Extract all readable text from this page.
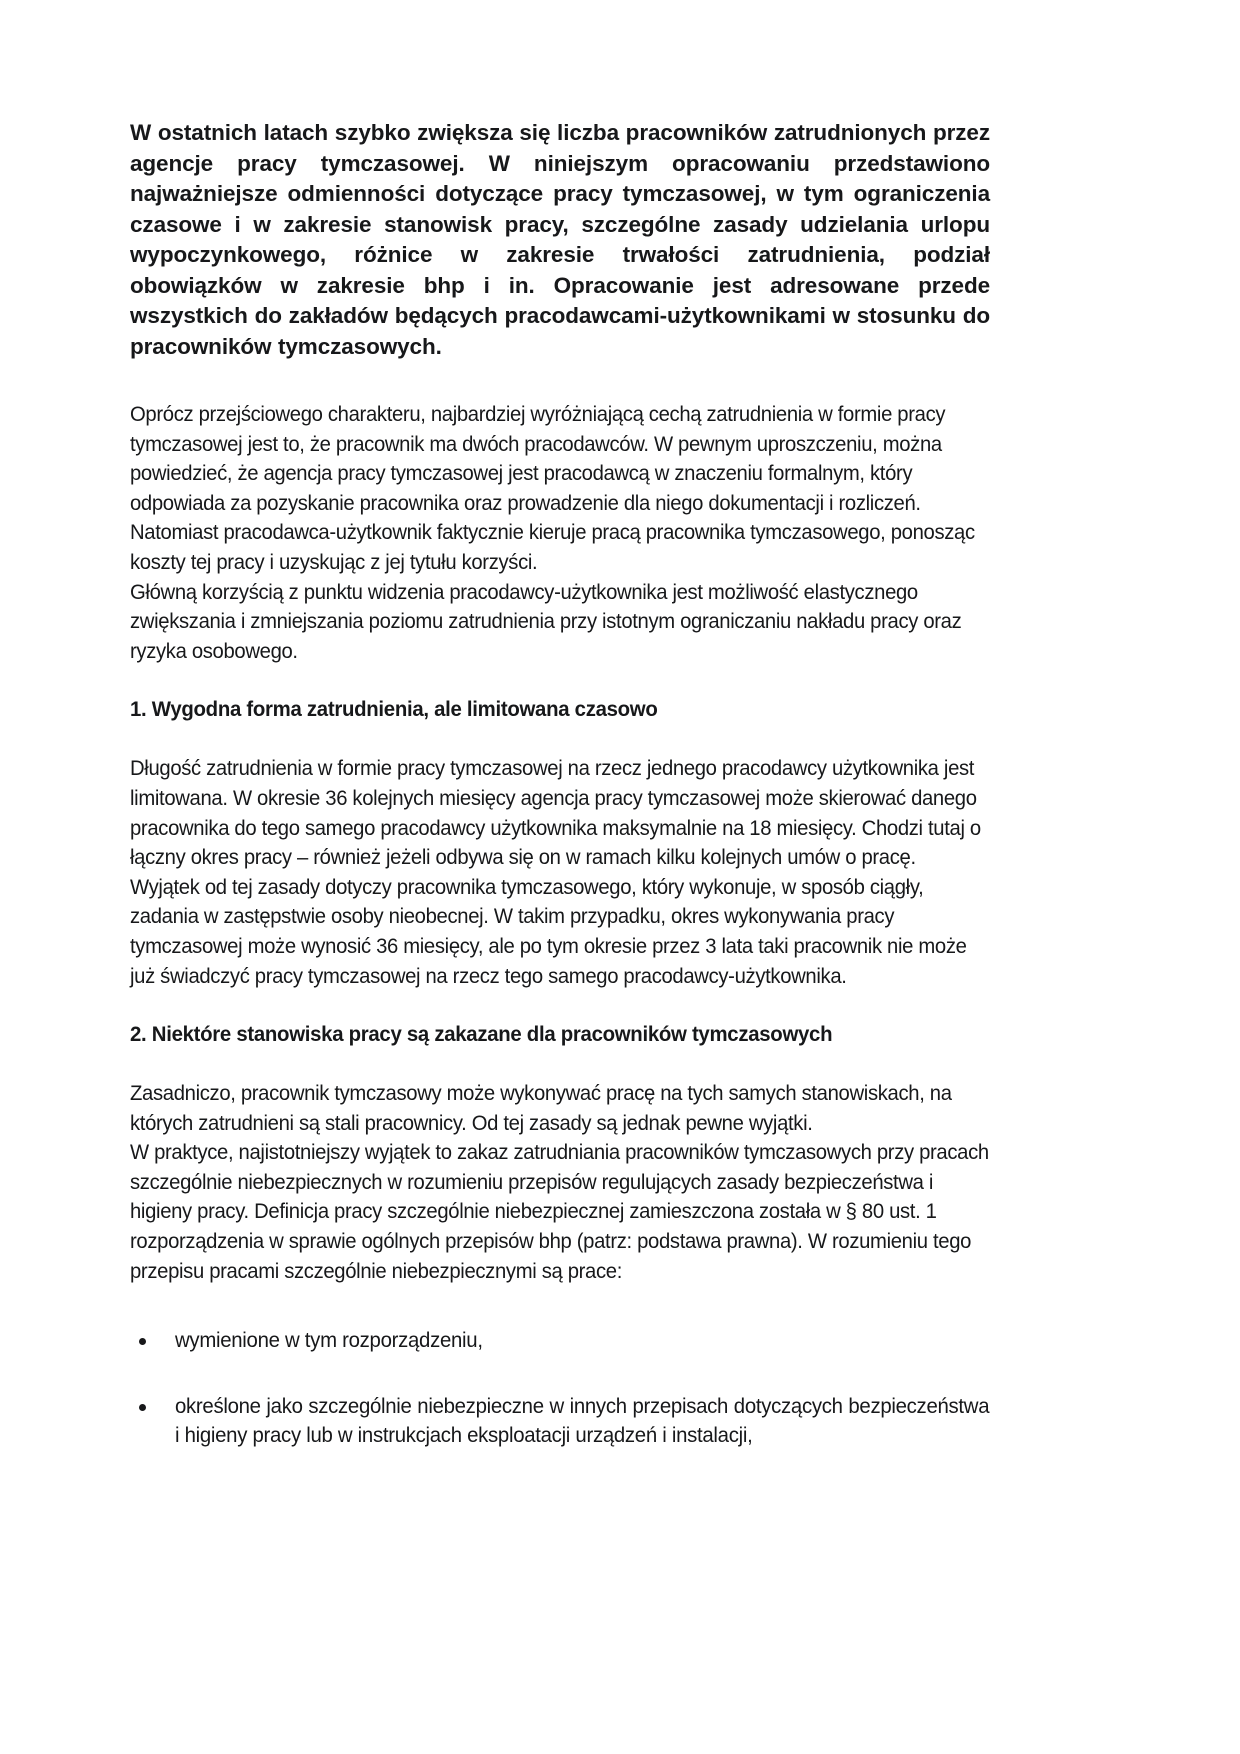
W ostatnich latach szybko zwiększa się liczba pracowników zatrudnionych przez agencje pracy tymczasowej. W niniejszym opracowaniu przedstawiono najważniejsze odmienności dotyczące pracy tymczasowej, w tym ograniczenia czasowe i w zakresie stanowisk pracy, szczególne zasady udzielania urlopu wypoczynkowego, różnice w zakresie trwałości zatrudnienia, podział obowiązków w zakresie bhp i in. Opracowanie jest adresowane przede wszystkich do zakładów będących pracodawcami-użytkownikami w stosunku do pracowników tymczasowych.

Oprócz przejściowego charakteru, najbardziej wyróżniającą cechą zatrudnienia w formie pracy tymczasowej jest to, że pracownik ma dwóch pracodawców. W pewnym uproszczeniu, można powiedzieć, że agencja pracy tymczasowej jest pracodawcą w znaczeniu formalnym, który odpowiada za pozyskanie pracownika oraz prowadzenie dla niego dokumentacji i rozliczeń. Natomiast pracodawca-użytkownik faktycznie kieruje pracą pracownika tymczasowego, ponosząc koszty tej pracy i uzyskując z jej tytułu korzyści.

Główną korzyścią z punktu widzenia pracodawcy-użytkownika jest możliwość elastycznego zwiększania i zmniejszania poziomu zatrudnienia przy istotnym ograniczaniu nakładu pracy oraz ryzyka osobowego.

1. Wygodna forma zatrudnienia, ale limitowana czasowo

Długość zatrudnienia w formie pracy tymczasowej na rzecz jednego pracodawcy użytkownika jest limitowana. W okresie 36 kolejnych miesięcy agencja pracy tymczasowej może skierować danego pracownika do tego samego pracodawcy użytkownika maksymalnie na 18 miesięcy. Chodzi tutaj o łączny okres pracy – również jeżeli odbywa się on w ramach kilku kolejnych umów o pracę.

Wyjątek od tej zasady dotyczy pracownika tymczasowego, który wykonuje, w sposób ciągły, zadania w zastępstwie osoby nieobecnej. W takim przypadku, okres wykonywania pracy tymczasowej może wynosić 36 miesięcy, ale po tym okresie przez 3 lata taki pracownik nie może już świadczyć pracy tymczasowej na rzecz tego samego pracodawcy-użytkownika.

2. Niektóre stanowiska pracy są zakazane dla pracowników tymczasowych

Zasadniczo, pracownik tymczasowy może wykonywać pracę na tych samych stanowiskach, na których zatrudnieni są stali pracownicy. Od tej zasady są jednak pewne wyjątki.

W praktyce, najistotniejszy wyjątek to zakaz zatrudniania pracowników tymczasowych przy pracach szczególnie niebezpiecznych w rozumieniu przepisów regulujących zasady bezpieczeństwa i higieny pracy. Definicja pracy szczególnie niebezpiecznej zamieszczona została w § 80 ust. 1 rozporządzenia w sprawie ogólnych przepisów bhp (patrz: podstawa prawna). W rozumieniu tego przepisu pracami szczególnie niebezpiecznymi są prace:

wymienione w tym rozporządzeniu,
określone jako szczególnie niebezpieczne w innych przepisach dotyczących bezpieczeństwa i higieny pracy lub w instrukcjach eksploatacji urządzeń i instalacji,
